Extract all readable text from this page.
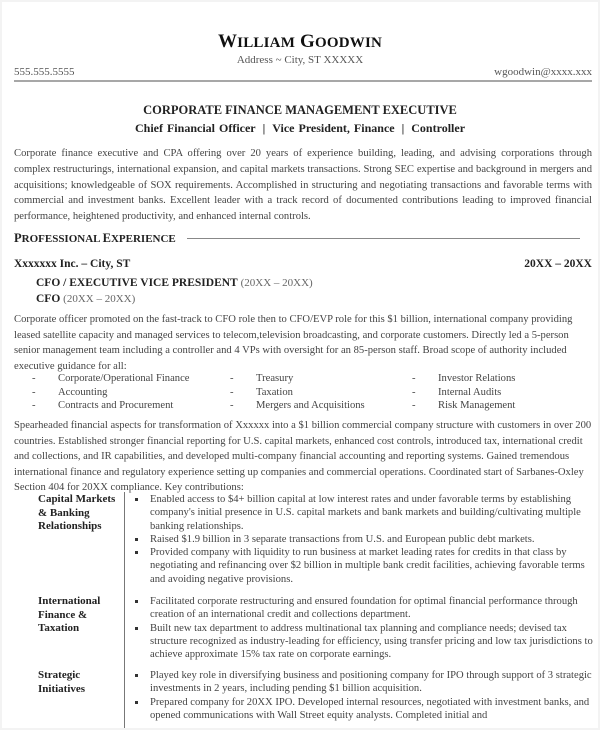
WILLIAM GOODWIN
Address ~ City, ST XXXXX
555.555.5555	wgoodwin@xxxx.xxx
CORPORATE FINANCE MANAGEMENT EXECUTIVE
Chief Financial Officer | Vice President, Finance | Controller
Corporate finance executive and CPA offering over 20 years of experience building, leading, and advising corporations through complex restructurings, international expansion, and capital markets transactions. Strong SEC expertise and background in mergers and acquisitions; knowledgeable of SOX requirements. Accomplished in structuring and negotiating transactions and favorable terms with commercial and investment banks. Excellent leader with a track record of documented contributions leading to improved financial performance, heightened productivity, and enhanced internal controls.
PROFESSIONAL EXPERIENCE
Xxxxxxx Inc. – City, ST	20XX – 20XX
CFO / EXECUTIVE VICE PRESIDENT (20XX – 20XX)
CFO (20XX – 20XX)
Corporate officer promoted on the fast-track to CFO role then to CFO/EVP role for this $1 billion, international company providing leased satellite capacity and managed services to telecom,television broadcasting, and corporate customers. Directly led a 5-person senior management team including a controller and 4 VPs with oversight for an 85-person staff. Broad scope of authority included executive guidance for all:
- Corporate/Operational Finance
- Accounting
- Contracts and Procurement
- Treasury
- Taxation
- Mergers and Acquisitions
- Investor Relations
- Internal Audits
- Risk Management
Spearheaded financial aspects for transformation of Xxxxxx into a $1 billion commercial company structure with customers in over 200 countries. Established stronger financial reporting for U.S. capital markets, enhanced cost controls, introduced tax, international credit and collections, and IR capabilities, and developed multi-company financial accounting and reporting systems. Gained tremendous international finance and regulatory experience setting up companies and commercial operations. Coordinated start of Sarbanes-Oxley Section 404 for 20XX compliance. Key contributions:
Capital Markets
& Banking
Relationships
Enabled access to $4+ billion capital at low interest rates and under favorable terms by establishing company's initial presence in U.S. capital markets and bank markets and building/cultivating multiple banking relationships.
Raised $1.9 billion in 3 separate transactions from U.S. and European public debt markets.
Provided company with liquidity to run business at market leading rates for credits in that class by negotiating and refinancing over $2 billion in multiple bank credit facilities, achieving favorable terms and avoiding negative provisions.
International
Finance &
Taxation
Facilitated corporate restructuring and ensured foundation for optimal financial performance through creation of an international credit and collections department.
Built new tax department to address multinational tax planning and compliance needs; devised tax structure recognized as industry-leading for efficiency, using transfer pricing and low tax jurisdictions to achieve approximate 15% tax rate on corporate earnings.
Strategic
Initiatives
Played key role in diversifying business and positioning company for IPO through support of 3 strategic investments in 2 years, including pending $1 billion acquisition.
Prepared company for 20XX IPO. Developed internal resources, negotiated with investment banks, and opened communications with Wall Street equity analysts. Completed initial and
